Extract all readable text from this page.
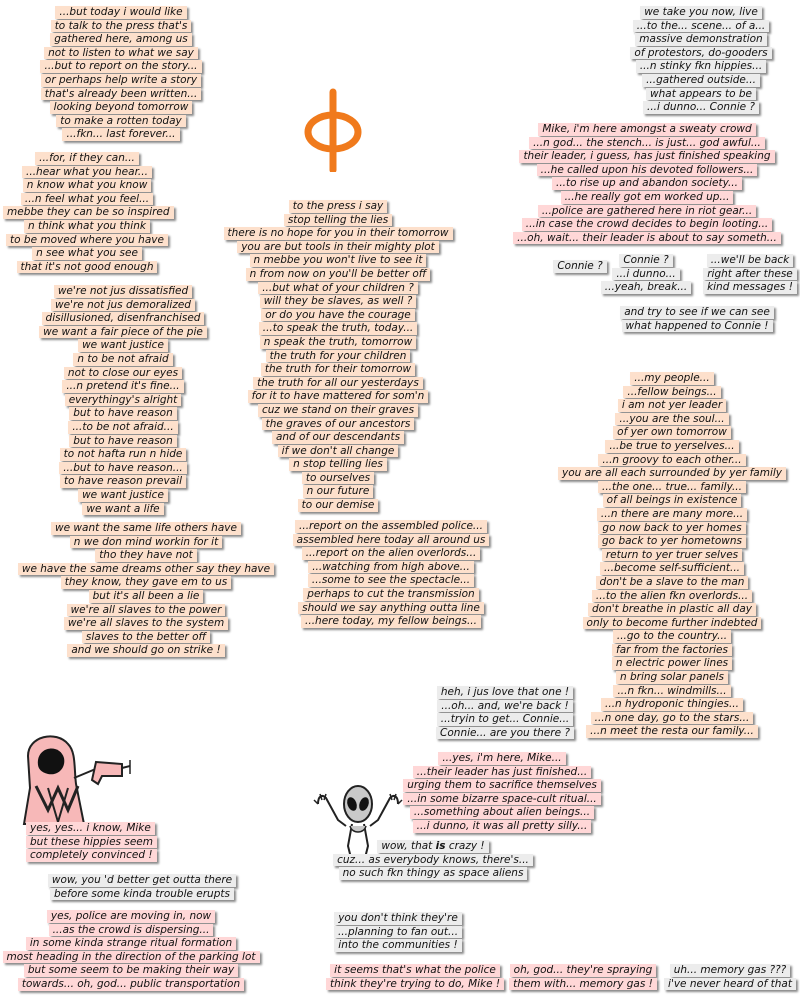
...but today i would like
to talk to the press that's
gathered here, among us
not to listen to what we say
...but to report on the story...
or perhaps help write a story
that's already been written...
looking beyond tomorrow
to make a rotten today
...fkn... last forever...
...for, if they can...
...hear what you hear...
n know what you know
...n feel what you feel...
mebbe they can be so inspired
n think what you think
to be moved where you have
n see what you see
that it's not good enough
we're not jus dissatisfied
we're not jus demoralized
disillusioned, disenfranchised
we want a fair piece of the pie
we want justice
n to be not afraid
not to close our eyes
...n pretend it's fine...
everythingy's alright
but to have reason
...to be not afraid...
but to have reason
to not hafta run n hide
...but to have reason...
to have reason prevail
we want justice
we want a life
we want the same life others have
n we don mind workin for it
tho they have not
we have the same dreams other say they have
they know, they gave em to us
but it's all been a lie
we're all slaves to the power
we're all slaves to the system
slaves to the better off
and we should go on strike !
to the press i say
stop telling the lies
there is no hope for you in their tomorrow
you are but tools in their mighty plot
n mebbe you won't live to see it
n from now on you'll be better off
...but what of your children ?
will they be slaves, as well ?
or do you have the courage
...to speak the truth, today...
n speak the truth, tomorrow
the truth for your children
the truth for their tomorrow
the truth for all our yesterdays
for it to have mattered for som'n
cuz we stand on their graves
the graves of our ancestors
and of our descendants
if we don't all change
n stop telling lies
to ourselves
n our future
to our demise
...report on the assembled police...
assembled here today all around us
...report on the alien overlords...
...watching from high above...
...some to see the spectacle...
perhaps to cut the transmission
should we say anything outta line
...here today, my fellow beings...
we take you now, live
...to the... scene... of a...
massive demonstration
of protestors, do-gooders
...n stinky fkn hippies...
...gathered outside...
what appears to be
...i dunno... Connie ?
Mike, i'm here amongst a sweaty crowd
...n god... the stench... is just... god awful...
their leader, i guess, has just finished speaking
...he called upon his devoted followers...
...to rise up and abandon society...
...he really got em worked up...
...police are gathered here in riot gear...
...in case the crowd decides to begin looting...
...oh, wait... their leader is about to say someth...
Connie ? Connie ?
...i dunno...
...yeah, break...
...we'll be back
right after these
kind messages !
and try to see if we can see
what happened to Connie !
...my people...
...fellow beings...
i am not yer leader
...you are the soul...
of yer own tomorrow
...be true to yerselves...
...n groovy to each other...
you are all each surrounded by yer family
...the one... true... family...
of all beings in existence
...n there are many more...
go now back to yer homes
go back to yer hometowns
return to yer truer selves
...become self-sufficient...
don't be a slave to the man
...to the alien fkn overlords...
don't breathe in plastic all day
only to become further indebted
...go to the country...
far from the factories
n electric power lines
n bring solar panels
...n fkn... windmills...
...n hydroponic thingies...
...n one day, go to the stars...
...n meet the resta our family...
heh, i jus love that one !
...oh... and, we're back !
...tryin to get... Connie...
Connie... are you there ?
...yes, i'm here, Mike...
...their leader has just finished...
urging them to sacrifice themselves
...in some bizarre space-cult ritual...
...something about alien beings...
...i dunno, it was all pretty silly...
yes, yes... i know, Mike
but these hippies seem
completely convinced !
wow, you 'd better get outta there
before some kinda trouble erupts
yes, police are moving in, now
...as the crowd is dispersing...
in some kinda strange ritual formation
most heading in the direction of the parking lot
but some seem to be making their way
towards... oh, god... public transportation
wow, that is crazy !
cuz... as everybody knows, there's...
no such fkn thingy as space aliens
you don't think they're
...planning to fan out...
into the communities !
it seems that's what the police
think they're trying to do, Mike !
oh, god... they're spraying
them with... memory gas !
uh... memory gas ???
i've never heard of that
